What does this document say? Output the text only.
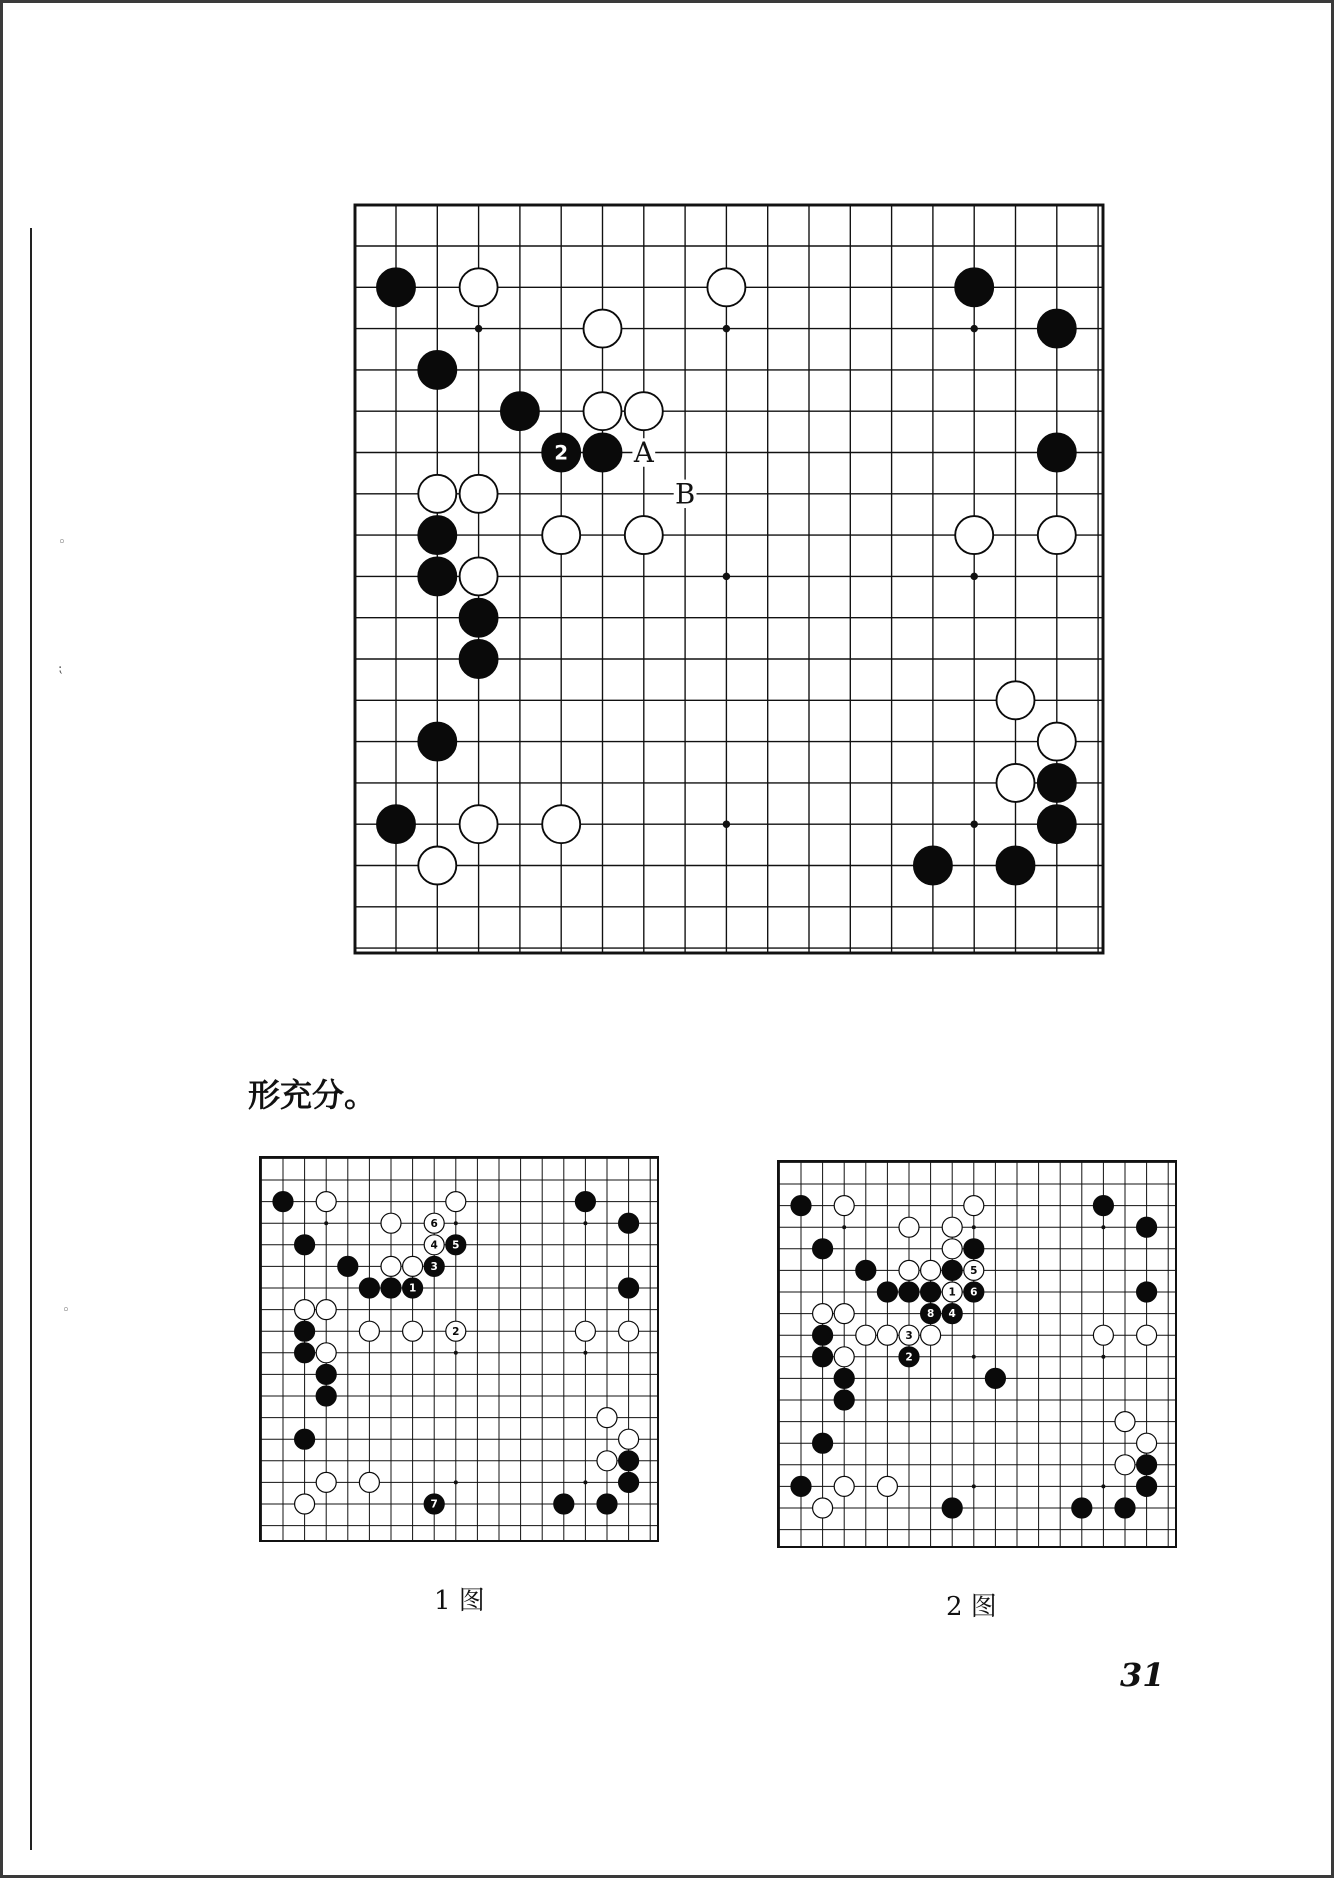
◦
⁏
◦
2 A
B
形充分。
6
4 5
3
1
2
7
1 图
5
1 6
8 4
3
2
2 图
31
